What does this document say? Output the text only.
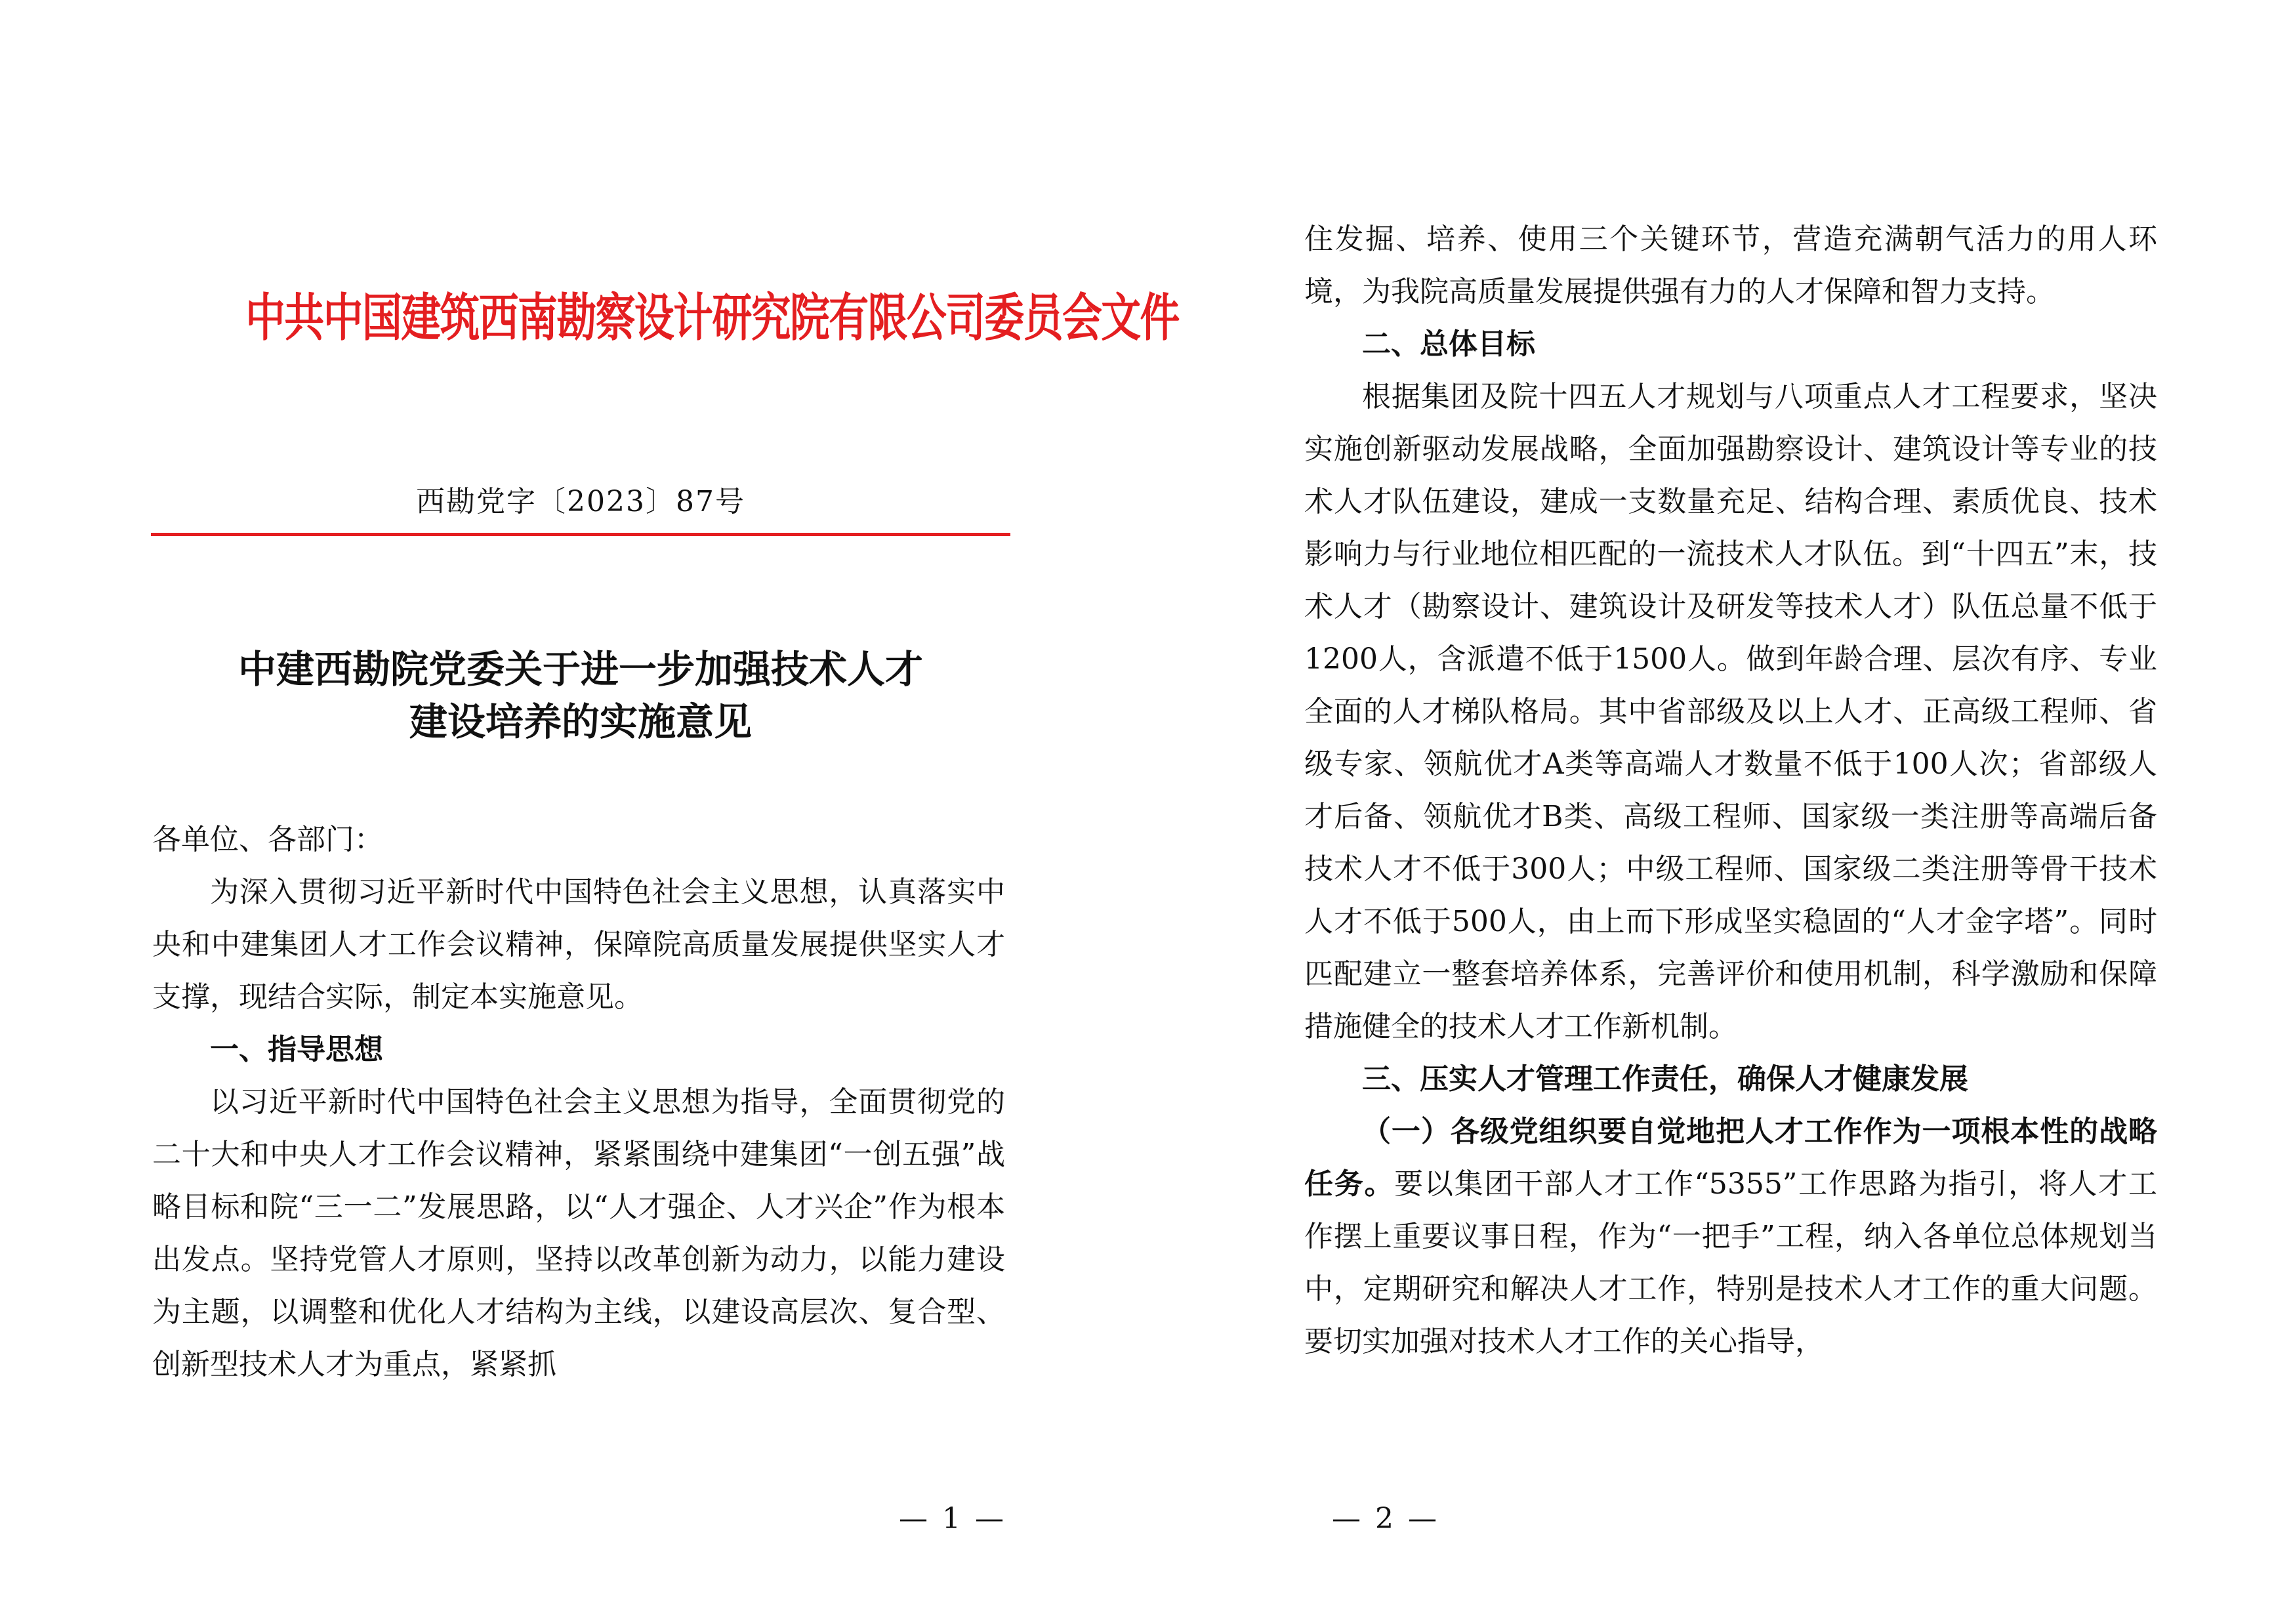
中共中国建筑西南勘察设计研究院有限公司委员会文件
西勘党字〔2023〕87号
中建西勘院党委关于进一步加强技术人才
建设培养的实施意见

各单位、各部门：

为深入贯彻习近平新时代中国特色社会主义思想，认真落实中央和中建集团人才工作会议精神，保障院高质量发展提供坚实人才支撑，现结合实际，制定本实施意见。

一、指导思想

以习近平新时代中国特色社会主义思想为指导，全面贯彻党的二十大和中央人才工作会议精神，紧紧围绕中建集团“一创五强”战略目标和院“三一二”发展思路，以“人才强企、人才兴企”作为根本出发点。坚持党管人才原则，坚持以改革创新为动力，以能力建设为主题，以调整和优化人才结构为主线，以建设高层次、复合型、创新型技术人才为重点，紧紧抓

— 1 —

住发掘、培养、使用三个关键环节，营造充满朝气活力的用人环境，为我院高质量发展提供强有力的人才保障和智力支持。

二、总体目标

根据集团及院十四五人才规划与八项重点人才工程要求，坚决实施创新驱动发展战略，全面加强勘察设计、建筑设计等专业的技术人才队伍建设，建成一支数量充足、结构合理、素质优良、技术影响力与行业地位相匹配的一流技术人才队伍。到“十四五”末，技术人才（勘察设计、建筑设计及研发等技术人才）队伍总量不低于1200人，含派遣不低于1500人。做到年龄合理、层次有序、专业全面的人才梯队格局。其中省部级及以上人才、正高级工程师、省级专家、领航优才A类等高端人才数量不低于100人次；省部级人才后备、领航优才B类、高级工程师、国家级一类注册等高端后备技术人才不低于300人；中级工程师、国家级二类注册等骨干技术人才不低于500人，由上而下形成坚实稳固的“人才金字塔”。同时匹配建立一整套培养体系，完善评价和使用机制，科学激励和保障措施健全的技术人才工作新机制。

三、压实人才管理工作责任，确保人才健康发展

（一）各级党组织要自觉地把人才工作作为一项根本性的战略任务。要以集团干部人才工作“5355”工作思路为指引，将人才工作摆上重要议事日程，作为“一把手”工程，纳入各单位总体规划当中，定期研究和解决人才工作，特别是技术人才工作的重大问题。要切实加强对技术人才工作的关心指导，

— 2 —
